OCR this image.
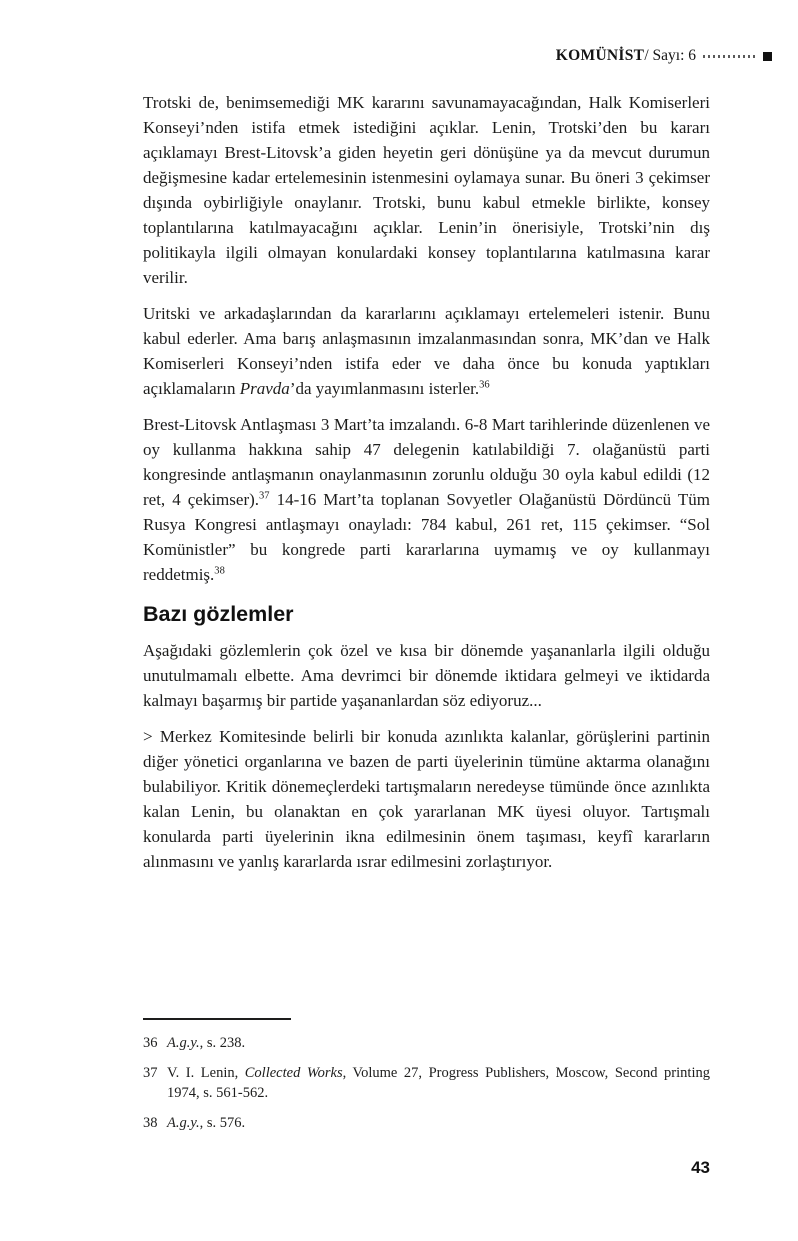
KOMÜNİST / Sayı: 6

Trotski de, benimsemediği MK kararını savunamayacağından, Halk Komiserleri Konseyi’nden istifa etmek istediğini açıklar. Lenin, Trotski’den bu kararı açıklamayı Brest-Litovsk’a giden heyetin geri dönüşüne ya da mevcut durumun değişmesine kadar ertelemesinin istenmesini oylamaya sunar. Bu öneri 3 çekimser dışında oybirliğiyle onaylanır. Trotski, bunu kabul etmekle birlikte, konsey toplantılarına katılmayacağını açıklar. Lenin’in önerisiyle, Trotski’nin dış politikayla ilgili olmayan konulardaki konsey toplantılarına katılmasına karar verilir.

Uritski ve arkadaşlarından da kararlarını açıklamayı ertelemeleri istenir. Bunu kabul ederler. Ama barış anlaşmasının imzalanmasından sonra, MK’dan ve Halk Komiserleri Konseyi’nden istifa eder ve daha önce bu konuda yaptıkları açıklamaların Pravda’da yayımlanmasını isterler.$^{36}$

Brest-Litovsk Antlaşması 3 Mart’ta imzalandı. 6-8 Mart tarihlerinde düzenlenen ve oy kullanma hakkına sahip 47 delegenin katılabildiği 7. olağanüstü parti kongresinde antlaşmanın onaylanmasının zorunlu olduğu 30 oyla kabul edildi (12 ret, 4 çekimser).$^{37}$ 14-16 Mart’ta toplanan Sovyetler Olağanüstü Dördüncü Tüm Rusya Kongresi antlaşmayı onayladı: 784 kabul, 261 ret, 115 çekimser. “Sol Komünistler” bu kongrede parti kararlarına uymamış ve oy kullanmayı reddetmiş.$^{38}$

Bazı gözlemler

Aşağıdaki gözlemlerin çok özel ve kısa bir dönemde yaşananlarla ilgili olduğu unutulmamalı elbette. Ama devrimci bir dönemde iktidara gelmeyi ve iktidarda kalmayı başarmış bir partide yaşananlardan söz ediyoruz...

> Merkez Komitesinde belirli bir konuda azınlıkta kalanlar, görüşlerini partinin diğer yönetici organlarına ve bazen de parti üyelerinin tümüne aktarma olanağını bulabiliyor. Kritik dönemeçlerdeki tartışmaların neredeyse tümünde önce azınlıkta kalan Lenin, bu olanaktan en çok yararlanan MK üyesi oluyor. Tartışmalı konularda parti üyelerinin ikna edilmesinin önem taşıması, keyfî kararların alınmasını ve yanlış kararlarda ısrar edilmesini zorlaştırıyor.

36 A.g.y., s. 238.
37 V. I. Lenin, Collected Works, Volume 27, Progress Publishers, Moscow, Second printing 1974, s. 561-562.
38 A.g.y., s. 576.
43
